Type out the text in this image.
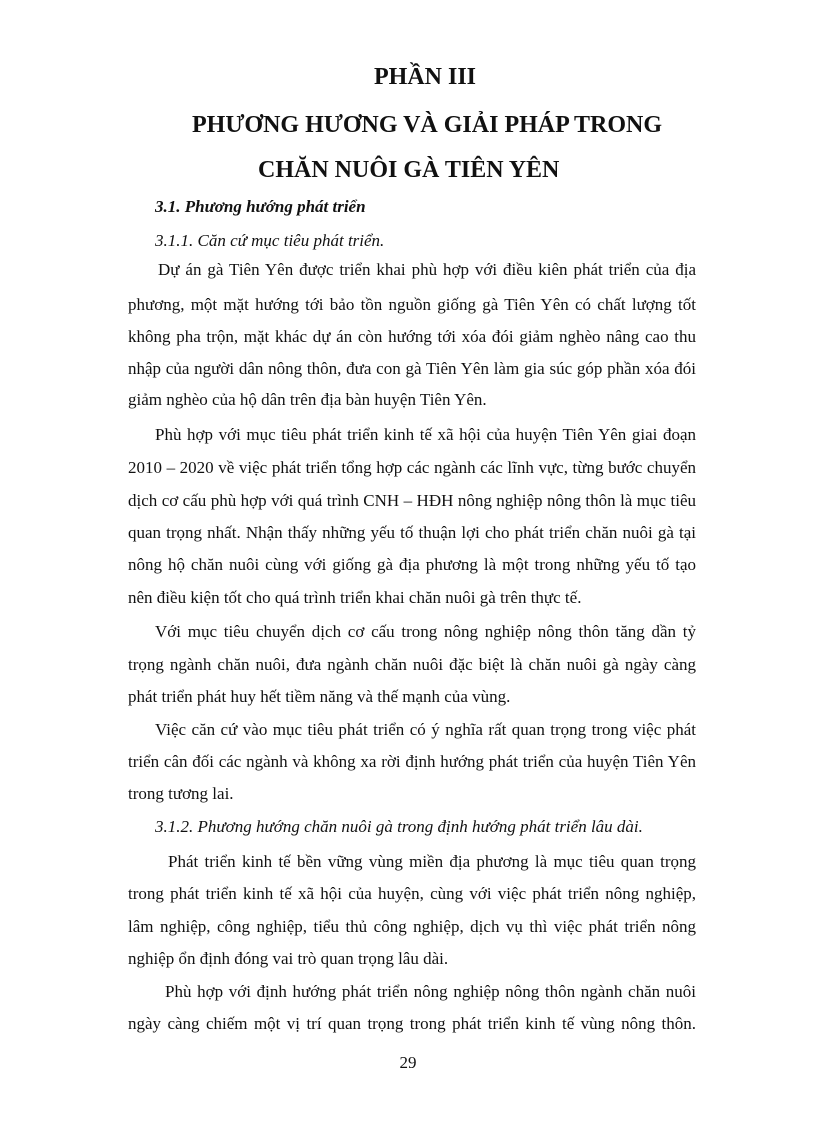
PHẦN III
PHƯƠNG HƯƠNG VÀ GIẢI PHÁP TRONG
CHĂN NUÔI GÀ TIÊN YÊN
3.1. Phương hướng phát triển
3.1.1. Căn cứ mục tiêu phát triển.
Dự án gà Tiên Yên được triển khai phù hợp với điều kiên phát triển của địa
phương, một mặt hướng tới bảo tồn nguồn giống gà Tiên Yên có chất lượng tốt
không pha trộn, mặt khác dự án còn hướng tới xóa đói giảm nghèo nâng cao thu
nhập của người dân nông thôn, đưa con gà Tiên Yên làm gia súc góp phần xóa đói
giảm nghèo của hộ dân trên địa bàn huyện Tiên Yên.
Phù hợp với mục tiêu phát triển kinh tế xã hội của huyện Tiên Yên giai đoạn
2010 – 2020 về việc phát triển tổng hợp các ngành các lĩnh vực, từng bước chuyển
dịch cơ cấu phù hợp với quá trình CNH – HĐH nông nghiệp nông thôn là mục tiêu
quan trọng nhất. Nhận thấy những yếu tố thuận lợi cho phát triển chăn nuôi gà tại
nông hộ chăn nuôi cùng với giống gà địa phương là một trong những yếu tố tạo
nên điều kiện tốt cho quá trình triển khai chăn nuôi gà trên thực tế.
Với mục tiêu chuyển dịch cơ cấu trong nông nghiệp nông thôn tăng dần tỷ
trọng ngành chăn nuôi, đưa ngành chăn nuôi đặc biệt là chăn nuôi gà ngày càng
phát triển phát huy hết tiềm năng và thế mạnh của vùng.
Việc căn cứ vào mục tiêu phát triển có ý nghĩa rất quan trọng trong việc phát
triển cân đối các ngành và không xa rời định hướng phát triển của huyện Tiên Yên
trong tương lai.
3.1.2. Phương hướng chăn nuôi gà trong định hướng phát triển lâu dài.
Phát triển kinh tế bền vững vùng miền địa phương là mục tiêu quan trọng
trong phát triển kinh tế xã hội của huyện, cùng với việc phát triển nông nghiệp,
lâm nghiệp, công nghiệp, tiểu thủ công nghiệp, dịch vụ thì việc phát triển nông
nghiệp ổn định đóng vai trò quan trọng lâu dài.
Phù hợp với định hướng phát triển nông nghiệp nông thôn ngành chăn nuôi
ngày càng chiếm một vị trí quan trọng trong phát triển kinh tế vùng nông thôn.
29
